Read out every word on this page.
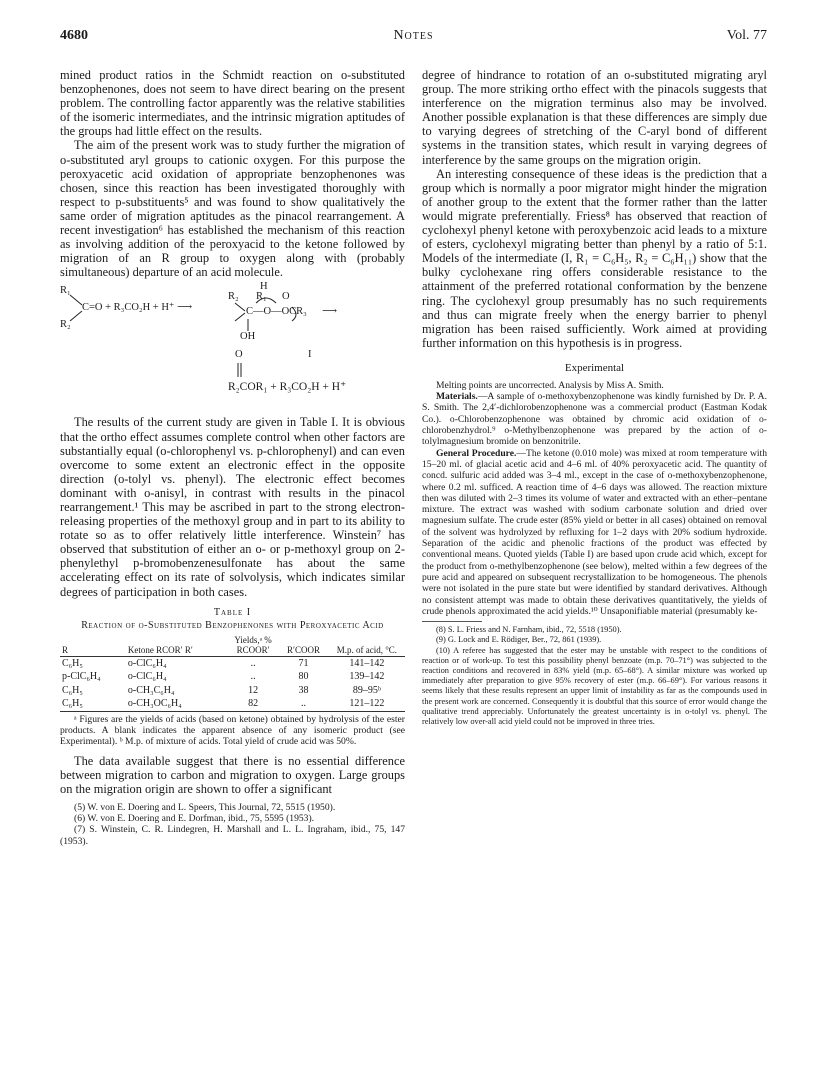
4680	Notes	Vol. 77

mined product ratios in the Schmidt reaction on o-substituted benzophenones, does not seem to have direct bearing on the present problem. The controlling factor apparently was the relative stabilities of the isomeric intermediates, and the intrinsic migration aptitudes of the groups had little effect on the results.

The aim of the present work was to study further the migration of o-substituted aryl groups to cationic oxygen. For this purpose the peroxyacetic acid oxidation of appropriate benzophenones was chosen, since this reaction has been investigated thoroughly with respect to p-substituents⁵ and was found to show qualitatively the same order of migration aptitudes as the pinacol rearrangement. A recent investigation⁶ has established the mechanism of this reaction as involving addition of the peroxyacid to the ketone followed by migration of an R group to oxygen along with (probably simultaneous) departure of an acid molecule.

R₁
R₂
C=O + R₃CO₂H + H⁺ ⟶
H
R₂ R₁ O
C—O—OCR₃ ⟶
OH
O	I
R₂COR₁ + R₃CO₂H + H⁺

The results of the current study are given in Table I. It is obvious that the ortho effect assumes complete control when other factors are substantially equal (o-chlorophenyl vs. p-chlorophenyl) and can even overcome to some extent an electronic effect in the opposite direction (o-tolyl vs. phenyl). The electronic effect becomes dominant with o-anisyl, in contrast with results in the pinacol rearrangement.¹ This may be ascribed in part to the strong electron-releasing properties of the methoxyl group and in part to its ability to rotate so as to offer relatively little interference. Winstein⁷ has observed that substitution of either an o- or p-methoxyl group on 2-phenylethyl p-bromobenzenesulfonate has about the same accelerating effect on its rate of solvolysis, which indicates similar degrees of participation in both cases.

Table I
Reaction of o-Substituted Benzophenones with Peroxyacetic Acid
R	Ketone RCOR′ R′	Yields,ᵃ % RCOOR′	R′COOR	M.p. of acid, °C.
C₆H₅	o-ClC₆H₄	..	71	141–142
p-ClC₆H₄	o-ClC₆H₄	..	80	139–142
C₆H₅	o-CH₃C₆H₄	12	38	89–95ᵇ
C₆H₅	o-CH₃OC₆H₄	82	..	121–122

ᵃ Figures are the yields of acids (based on ketone) obtained by hydrolysis of the ester products. A blank indicates the apparent absence of any isomeric product (see Experimental). ᵇ M.p. of mixture of acids. Total yield of crude acid was 50%.

The data available suggest that there is no essential difference between migration to carbon and migration to oxygen. Large groups on the migration origin are shown to offer a significant

(5) W. von E. Doering and L. Speers, This Journal, 72, 5515 (1950).

(6) W. von E. Doering and E. Dorfman, ibid., 75, 5595 (1953).

(7) S. Winstein, C. R. Lindegren, H. Marshall and L. L. Ingraham, ibid., 75, 147 (1953).

degree of hindrance to rotation of an o-substituted migrating aryl group. The more striking ortho effect with the pinacols suggests that interference on the migration terminus also may be involved. Another possible explanation is that these differences are simply due to varying degrees of stretching of the C-aryl bond of different systems in the transition states, which result in varying degrees of interference by the same groups on the migration origin.

An interesting consequence of these ideas is the prediction that a group which is normally a poor migrator might hinder the migration of another group to the extent that the former rather than the latter would migrate preferentially. Friess⁸ has observed that reaction of cyclohexyl phenyl ketone with peroxybenzoic acid leads to a mixture of esters, cyclohexyl migrating better than phenyl by a ratio of 5:1. Models of the intermediate (I, R₁ = C₆H₅, R₂ = C₆H₁₁) show that the bulky cyclohexane ring offers considerable resistance to the attainment of the preferred rotational conformation by the benzene ring. The cyclohexyl group presumably has no such requirements and thus can migrate freely when the energy barrier to phenyl migration has been raised sufficiently. Work aimed at providing further information on this hypothesis is in progress.

Experimental

Melting points are uncorrected. Analysis by Miss A. Smith.

Materials.—A sample of o-methoxybenzophenone was kindly furnished by Dr. P. A. S. Smith. The 2,4′-dichlorobenzophenone was a commercial product (Eastman Kodak Co.). o-Chlorobenzophenone was obtained by chromic acid oxidation of o-chlorobenzhydrol.⁹ o-Methylbenzophenone was prepared by the action of o-tolylmagnesium bromide on benzonitrile.

General Procedure.—The ketone (0.010 mole) was mixed at room temperature with 15–20 ml. of glacial acetic acid and 4–6 ml. of 40% peroxyacetic acid. The quantity of concd. sulfuric acid added was 3–4 ml., except in the case of o-methoxybenzophenone, where 0.2 ml. sufficed. A reaction time of 4–6 days was allowed. The reaction mixture then was diluted with 2–3 times its volume of water and extracted with an ether–pentane mixture. The extract was washed with sodium carbonate solution and dried over magnesium sulfate. The crude ester (85% yield or better in all cases) obtained on removal of the solvent was hydrolyzed by refluxing for 1–2 days with 20% sodium hydroxide. Separation of the acidic and phenolic fractions of the product was effected by conventional means. Quoted yields (Table I) are based upon crude acid which, except for the product from o-methylbenzophenone (see below), melted within a few degrees of the pure acid and appeared on subsequent recrystallization to be homogeneous. The phenols were not isolated in the pure state but were identified by standard derivatives. Although no consistent attempt was made to obtain these derivatives quantitatively, the yields of crude phenols approximated the acid yields.¹⁰ Unsaponifiable material (presumably ke-

(8) S. L. Friess and N. Farnham, ibid., 72, 5518 (1950).

(9) G. Lock and E. Rödiger, Ber., 72, 861 (1939).

(10) A referee has suggested that the ester may be unstable with respect to the conditions of reaction or of work-up. To test this possibility phenyl benzoate (m.p. 70–71°) was subjected to the reaction conditions and recovered in 83% yield (m.p. 65–68°). A similar mixture was worked up immediately after preparation to give 95% recovery of ester (m.p. 66–69°). For various reasons it seems likely that these results represent an upper limit of instability as far as the compounds used in the present work are concerned. Consequently it is doubtful that this source of error would change the qualitative trend appreciably. Unfortunately the greatest uncertainty is in o-tolyl vs. phenyl. The relatively low over-all acid yield could not be improved in three tries.
